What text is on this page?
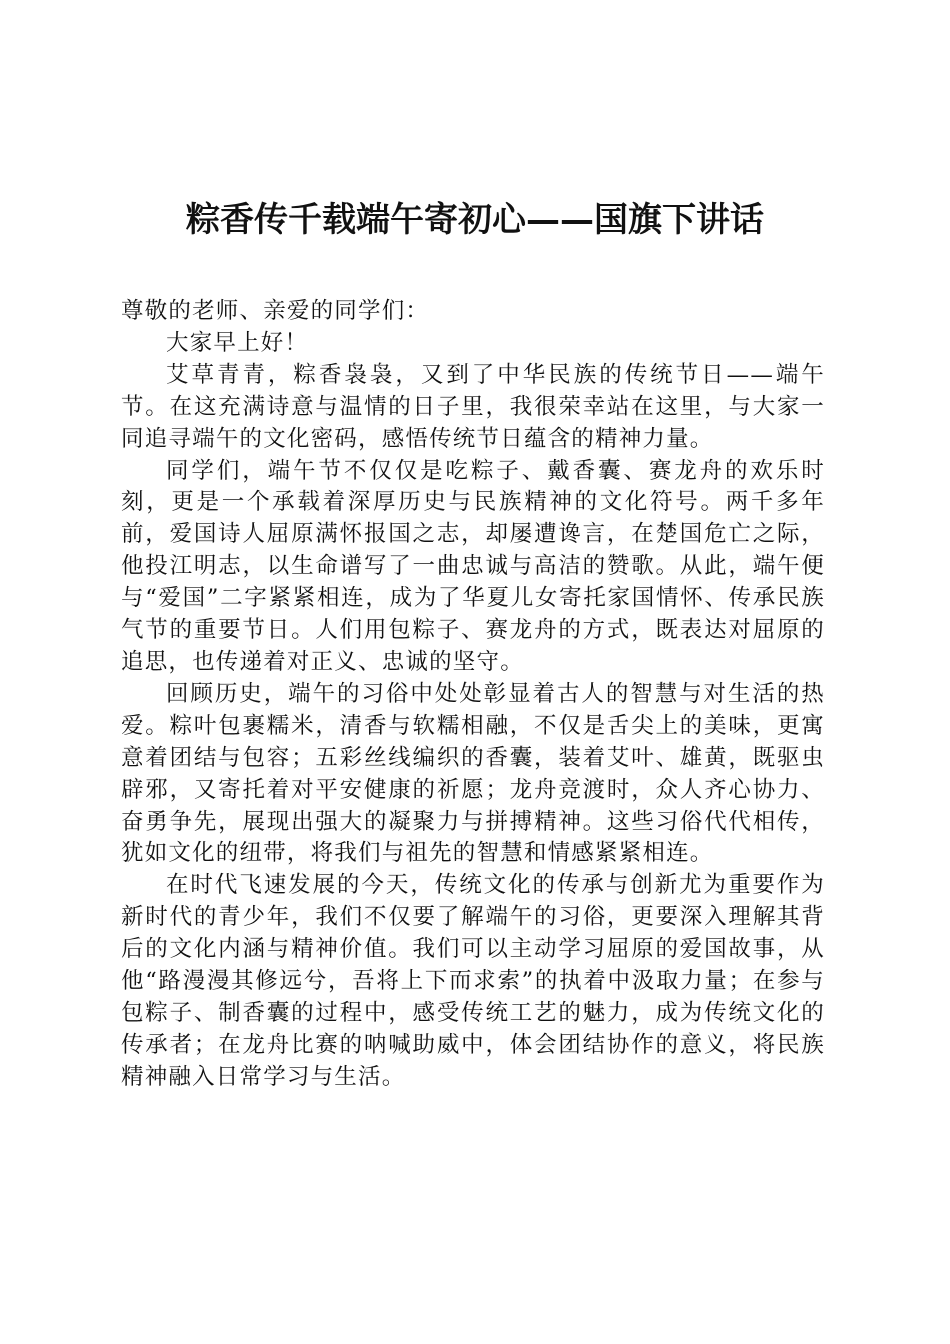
粽香传千载端午寄初心——国旗下讲话

尊敬的老师、亲爱的同学们：

大家早上好！

艾草青青，粽香袅袅，又到了中华民族的传统节日——端午节。在这充满诗意与温情的日子里，我很荣幸站在这里，与大家一同追寻端午的文化密码，感悟传统节日蕴含的精神力量。

同学们，端午节不仅仅是吃粽子、戴香囊、赛龙舟的欢乐时刻，更是一个承载着深厚历史与民族精神的文化符号。两千多年前，爱国诗人屈原满怀报国之志，却屡遭谗言，在楚国危亡之际，他投江明志，以生命谱写了一曲忠诚与高洁的赞歌。从此，端午便与“爱国”二字紧紧相连，成为了华夏儿女寄托家国情怀、传承民族气节的重要节日。人们用包粽子、赛龙舟的方式，既表达对屈原的追思，也传递着对正义、忠诚的坚守。

回顾历史，端午的习俗中处处彰显着古人的智慧与对生活的热爱。粽叶包裹糯米，清香与软糯相融，不仅是舌尖上的美味，更寓意着团结与包容；五彩丝线编织的香囊，装着艾叶、雄黄，既驱虫辟邪，又寄托着对平安健康的祈愿；龙舟竞渡时，众人齐心协力、奋勇争先，展现出强大的凝聚力与拼搏精神。这些习俗代代相传，犹如文化的纽带，将我们与祖先的智慧和情感紧紧相连。

在时代飞速发展的今天，传统文化的传承与创新尤为重要作为新时代的青少年，我们不仅要了解端午的习俗，更要深入理解其背后的文化内涵与精神价值。我们可以主动学习屈原的爱国故事，从他“路漫漫其修远兮，吾将上下而求索”的执着中汲取力量；在参与包粽子、制香囊的过程中，感受传统工艺的魅力，成为传统文化的传承者；在龙舟比赛的呐喊助威中，体会团结协作的意义，将民族精神融入日常学习与生活。
